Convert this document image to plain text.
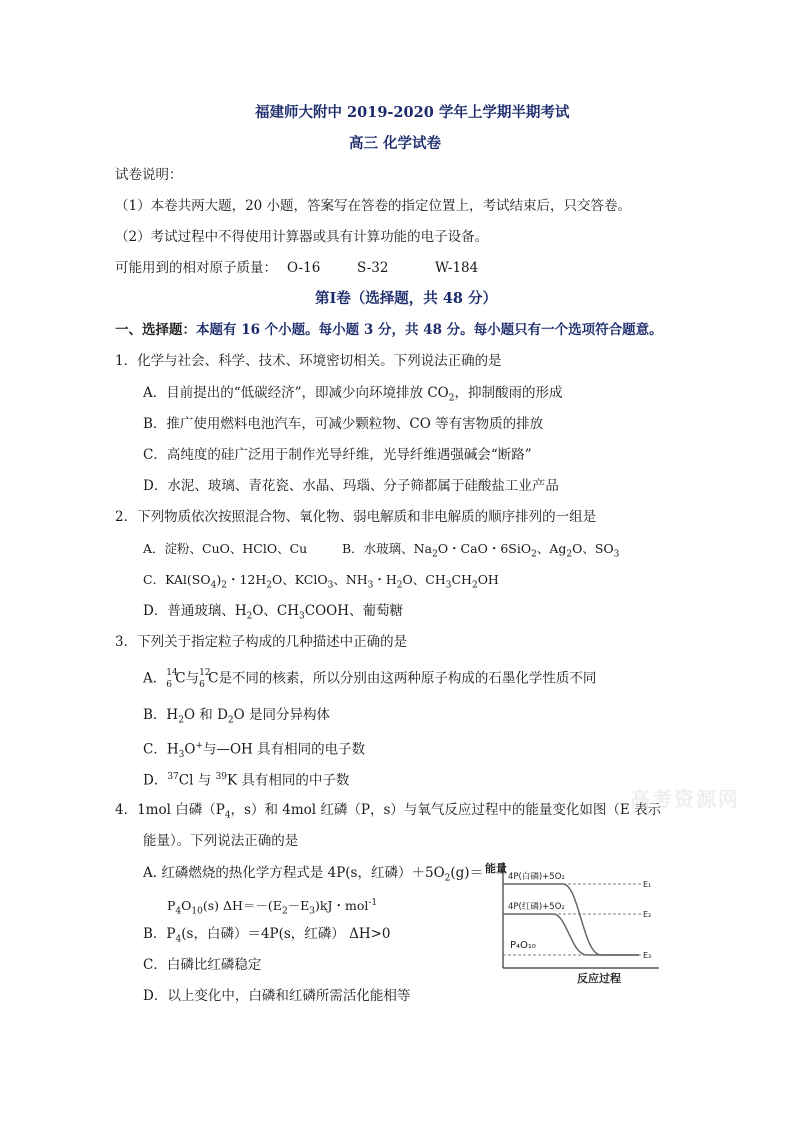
福建师大附中 2019-2020 学年上学期半期考试
高三 化学试卷
试卷说明：
（1）本卷共两大题，20 小题，答案写在答卷的指定位置上，考试结束后，只交答卷。
（2）考试过程中不得使用计算器或具有计算功能的电子设备。
可能用到的相对原子质量： O-16	S-32	W-184
第Ⅰ卷（选择题，共 48 分）
一、选择题：本题有 16 个小题。每小题 3 分，共 48 分。每小题只有一个选项符合题意。
1．化学与社会、科学、技术、环境密切相关。下列说法正确的是
A．目前提出的“低碳经济”，即减少向环境排放 $CO_2$，抑制酸雨的形成
B．推广使用燃料电池汽车，可减少颗粒物、CO 等有害物质的排放
C．高纯度的硅广泛用于制作光导纤维，光导纤维遇强碱会“断路”
D．水泥、玻璃、青花瓷、水晶、玛瑙、分子筛都属于硅酸盐工业产品
2．下列物质依次按照混合物、氧化物、弱电解质和非电解质的顺序排列的一组是
A．淀粉、CuO、HClO、Cu	B．水玻璃、$Na_2O$・CaO・6SiO$_2$、$Ag_2O$、$SO_3$
C．$KAl(SO_4)_2$・$12H_2O$、KClO$_3$、$NH_3$・$H_2O$、$CH_3CH_2OH$
D．普通玻璃、$H_2O$、$CH_3COOH$、葡萄糖
3．下列关于指定粒子构成的几种描述中正确的是
A． 14
6 C与 12
6 C是不同的核素，所以分别由这两种原子构成的石墨化学性质不同
B．$H_2O$ 和 $D_2O$ 是同分异构体
C．$H_3O^+$与—OH 具有相同的电子数
D．$^{37}$Cl 与 $^{39}$K 具有相同的中子数
高考资源网
4．1mol 白磷（$P_4$，s）和 4mol 红磷（P，s）与氧气反应过程中的能量变化如图（E 表示
能量）。下列说法正确的是
A. 红磷燃烧的热化学方程式是 4P(s，红磷）$+5O_2(g)=$
$P_4O_{10}(s)$ $\Delta H=-(E_2-E_3)kJ$・mol$^{-1}$
B．$P_4(s$，白磷）＝4P(s，红磷） ΔH>0
C．白磷比红磷稳定
D．以上变化中，白磷和红磷所需活化能相等
能量
反应过程
4P(白磷)+5O₂
4P(红磷)+5O₂
P₄O₁₀
E₁
E₂
E₃
